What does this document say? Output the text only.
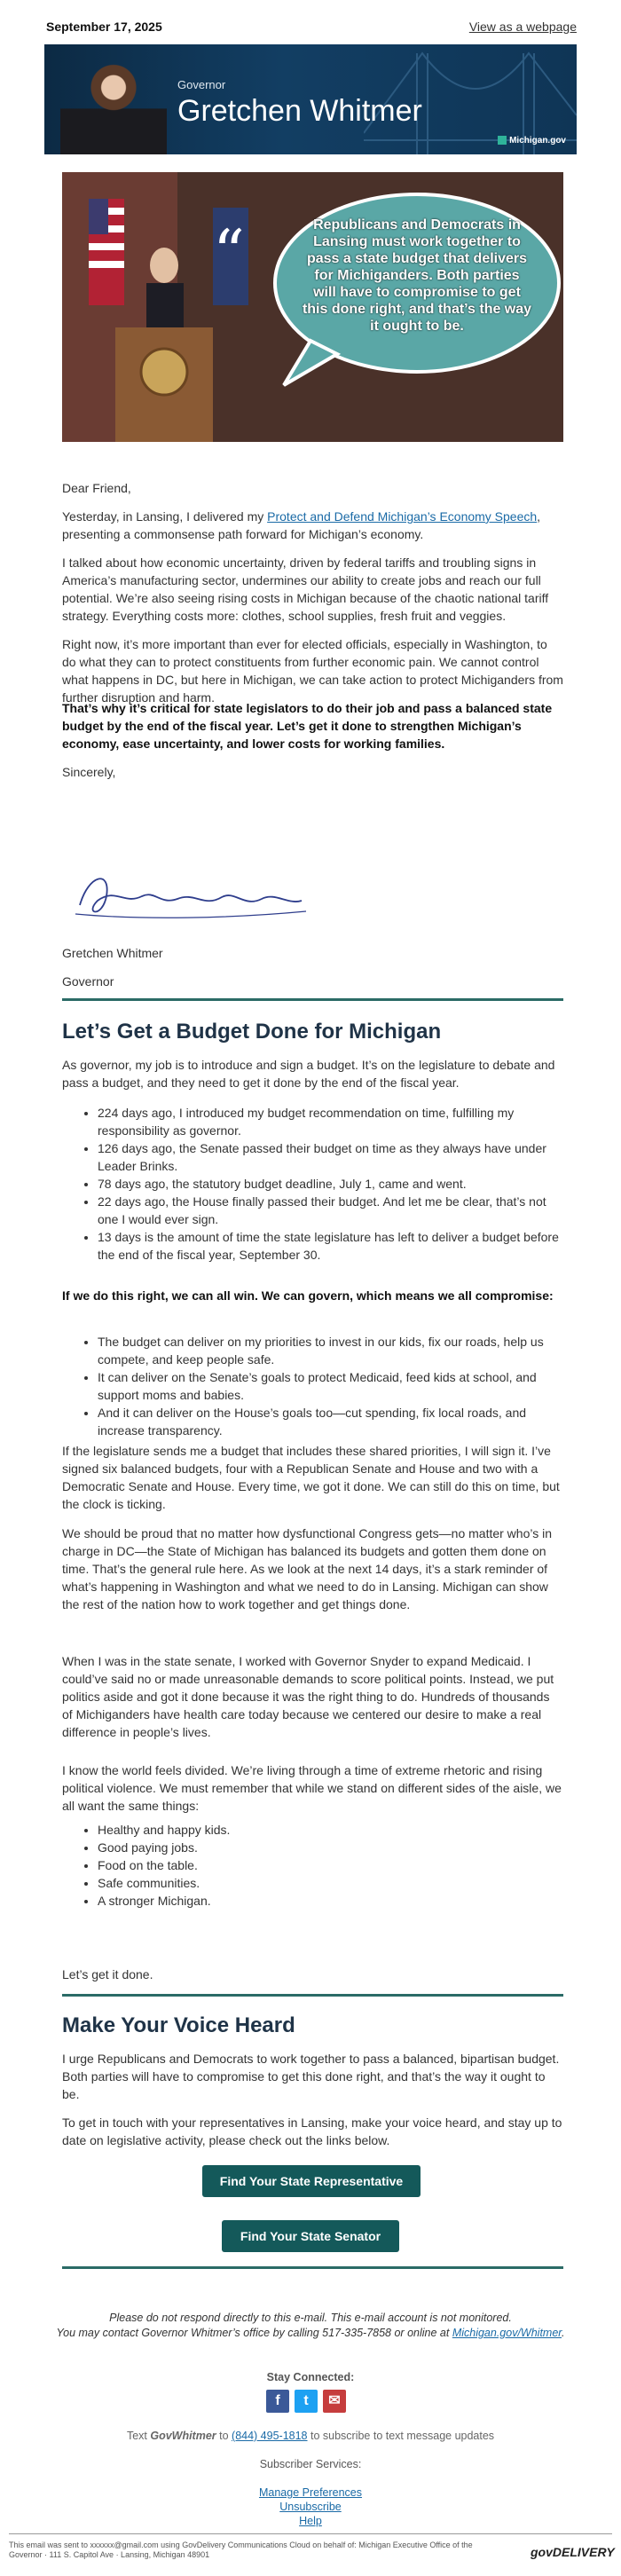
September 17, 2025	View as a webpage
Governor
Gretchen Whitmer
Michigan.gov
“	Republicans and Democrats in Lansing must work together to pass a state budget that delivers for Michiganders. Both parties will have to compromise to get this done right, and that’s the way it ought to be.
Dear Friend,
Yesterday, in Lansing, I delivered my Protect and Defend Michigan’s Economy Speech, presenting a commonsense path forward for Michigan’s economy.
I talked about how economic uncertainty, driven by federal tariffs and troubling signs in America’s manufacturing sector, undermines our ability to create jobs and reach our full potential. We’re also seeing rising costs in Michigan because of the chaotic national tariff strategy. Everything costs more: clothes, school supplies, fresh fruit and veggies.
Right now, it’s more important than ever for elected officials, especially in Washington, to do what they can to protect constituents from further economic pain. We cannot control what happens in DC, but here in Michigan, we can take action to protect Michiganders from further disruption and harm.
That’s why it’s critical for state legislators to do their job and pass a balanced state budget by the end of the fiscal year. Let’s get it done to strengthen Michigan’s economy, ease uncertainty, and lower costs for working families.
Sincerely,
Gretchen Whitmer
Gretchen Whitmer
Governor
Let’s Get a Budget Done for Michigan
As governor, my job is to introduce and sign a budget. It’s on the legislature to debate and pass a budget, and they need to get it done by the end of the fiscal year.
• 224 days ago, I introduced my budget recommendation on time, fulfilling my responsibility as governor.
• 126 days ago, the Senate passed their budget on time as they always have under Leader Brinks.
• 78 days ago, the statutory budget deadline, July 1, came and went.
• 22 days ago, the House finally passed their budget. And let me be clear, that’s not one I would ever sign.
• 13 days is the amount of time the state legislature has left to deliver a budget before the end of the fiscal year, September 30.
If we do this right, we can all win. We can govern, which means we all compromise:
• The budget can deliver on my priorities to invest in our kids, fix our roads, help us compete, and keep people safe.
• It can deliver on the Senate’s goals to protect Medicaid, feed kids at school, and support moms and babies.
• And it can deliver on the House’s goals too—cut spending, fix local roads, and increase transparency.
If the legislature sends me a budget that includes these shared priorities, I will sign it. I’ve signed six balanced budgets, four with a Republican Senate and House and two with a Democratic Senate and House. Every time, we got it done. We can still do this on time, but the clock is ticking.
We should be proud that no matter how dysfunctional Congress gets—no matter who’s in charge in DC—the State of Michigan has balanced its budgets and gotten them done on time. That’s the general rule here. As we look at the next 14 days, it’s a stark reminder of what’s happening in Washington and what we need to do in Lansing. Michigan can show the rest of the nation how to work together and get things done.
When I was in the state senate, I worked with Governor Snyder to expand Medicaid. I could’ve said no or made unreasonable demands to score political points. Instead, we put politics aside and got it done because it was the right thing to do. Hundreds of thousands of Michiganders have health care today because we centered our desire to make a real difference in people’s lives.
I know the world feels divided. We’re living through a time of extreme rhetoric and rising political violence. We must remember that while we stand on different sides of the aisle, we all want the same things:
• Healthy and happy kids.
• Good paying jobs.
• Food on the table.
• Safe communities.
• A stronger Michigan.
Let’s get it done.
Make Your Voice Heard
I urge Republicans and Democrats to work together to pass a balanced, bipartisan budget. Both parties will have to compromise to get this done right, and that’s the way it ought to be.
To get in touch with your representatives in Lansing, make your voice heard, and stay up to date on legislative activity, please check out the links below.
Find Your State Representative
Find Your State Senator
Please do not respond directly to this e-mail. This e-mail account is not monitored.
You may contact Governor Whitmer’s office by calling 517-335-7858 or online at Michigan.gov/Whitmer.
Stay Connected:
f	t	✉
Text GovWhitmer to (844) 495-1818 to subscribe to text message updates
Subscriber Services:
Manage Preferences
Unsubscribe
Help
This email was sent to xxxxxx@gmail.com using GovDelivery Communications Cloud on behalf of: Michigan Executive Office of the Governor · 111 S. Capitol Ave · Lansing, Michigan 48901	govDELIVERY
